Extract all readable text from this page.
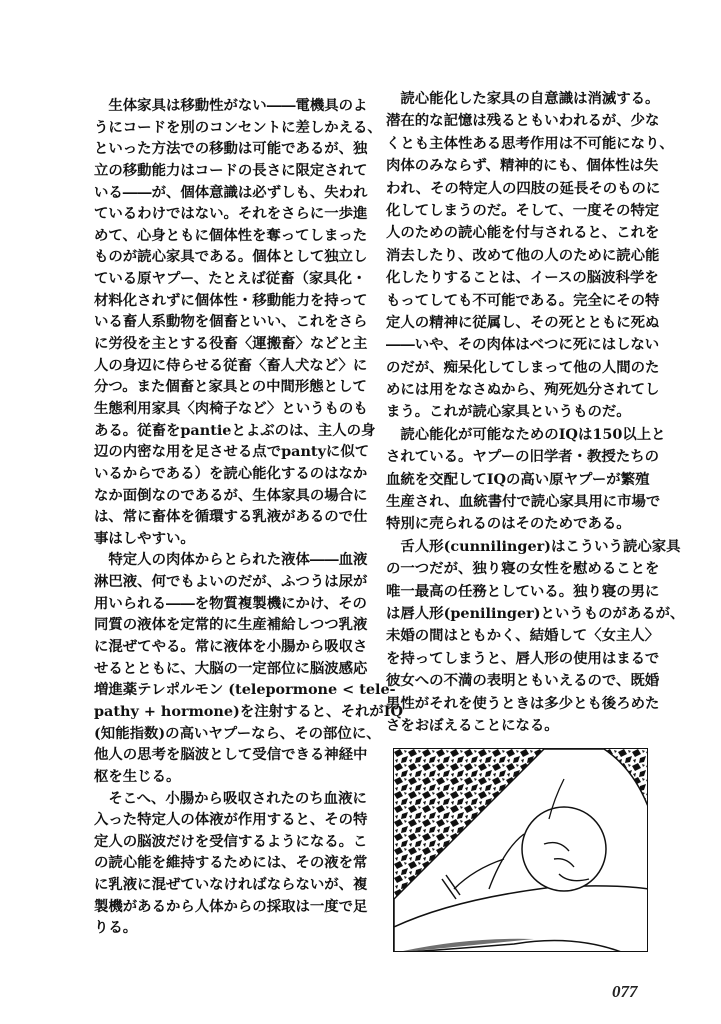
　生体家具は移動性がない――電機具のよ
うにコードを別のコンセントに差しかえる、
といった方法での移動は可能であるが、独
立の移動能力はコードの長さに限定されて
いる――が、個体意識は必ずしも、失われ
ているわけではない。それをさらに一歩進
めて、心身ともに個体性を奪ってしまった
ものが読心家具である。個体として独立し
ている原ヤプー、たとえば従畜（家具化・
材料化されずに個体性・移動能力を持って
いる畜人系動物を個畜といい、これをさら
に労役を主とする役畜〈運搬畜〉などと主
人の身辺に侍らせる従畜〈畜人犬など〉に
分つ。また個畜と家具との中間形態として
生態利用家具〈肉椅子など〉というものも
ある。従畜をpantieとよぶのは、主人の身
辺の内密な用を足させる点でpantyに似て
いるからである）を読心能化するのはなか
なか面倒なのであるが、生体家具の場合に
は、常に畜体を循環する乳液があるので仕
事はしやすい。
　特定人の肉体からとられた液体――血液
淋巴液、何でもよいのだが、ふつうは尿が
用いられる――を物質複製機にかけ、その
同質の液体を定常的に生産補給しつつ乳液
に混ぜてやる。常に液体を小腸から吸収さ
せるとともに、大脳の一定部位に脳波感応
増進薬テレポルモン (telepormone < tele-
pathy + hormone)を注射すると、それがIQ
(知能指数)の高いヤプーなら、その部位に、
他人の思考を脳波として受信できる神経中
枢を生じる。
　そこへ、小腸から吸収されたのち血液に
入った特定人の体液が作用すると、その特
定人の脳波だけを受信するようになる。こ
の読心能を維持するためには、その液を常
に乳液に混ぜていなければならないが、複
製機があるから人体からの採取は一度で足
りる。
　読心能化した家具の自意識は消滅する。
潜在的な記憶は残るともいわれるが、少な
くとも主体性ある思考作用は不可能になり、
肉体のみならず、精神的にも、個体性は失
われ、その特定人の四肢の延長そのものに
化してしまうのだ。そして、一度その特定
人のための読心能を付与されると、これを
消去したり、改めて他の人のために読心能
化したりすることは、イースの脳波科学を
もってしても不可能である。完全にその特
定人の精神に従属し、その死とともに死ぬ
――いや、その肉体はべつに死にはしない
のだが、痴呆化してしまって他の人間のた
めには用をなさぬから、殉死処分されてし
まう。これが読心家具というものだ。
　読心能化が可能なためのIQは150以上と
されている。ヤプーの旧学者・教授たちの
血統を交配してIQの高い原ヤプーが繁殖
生産され、血統書付で読心家具用に市場で
特別に売られるのはそのためである。
　舌人形(cunnilinger)はこういう読心家具
の一つだが、独り寝の女性を慰めることを
唯一最高の任務としている。独り寝の男に
は唇人形(penilinger)というものがあるが、
未婚の間はともかく、結婚して〈女主人〉
を持ってしまうと、唇人形の使用はまるで
彼女への不満の表明ともいえるので、既婚
男性がそれを使うときは多少とも後ろめた
さをおぼえることになる。
077
